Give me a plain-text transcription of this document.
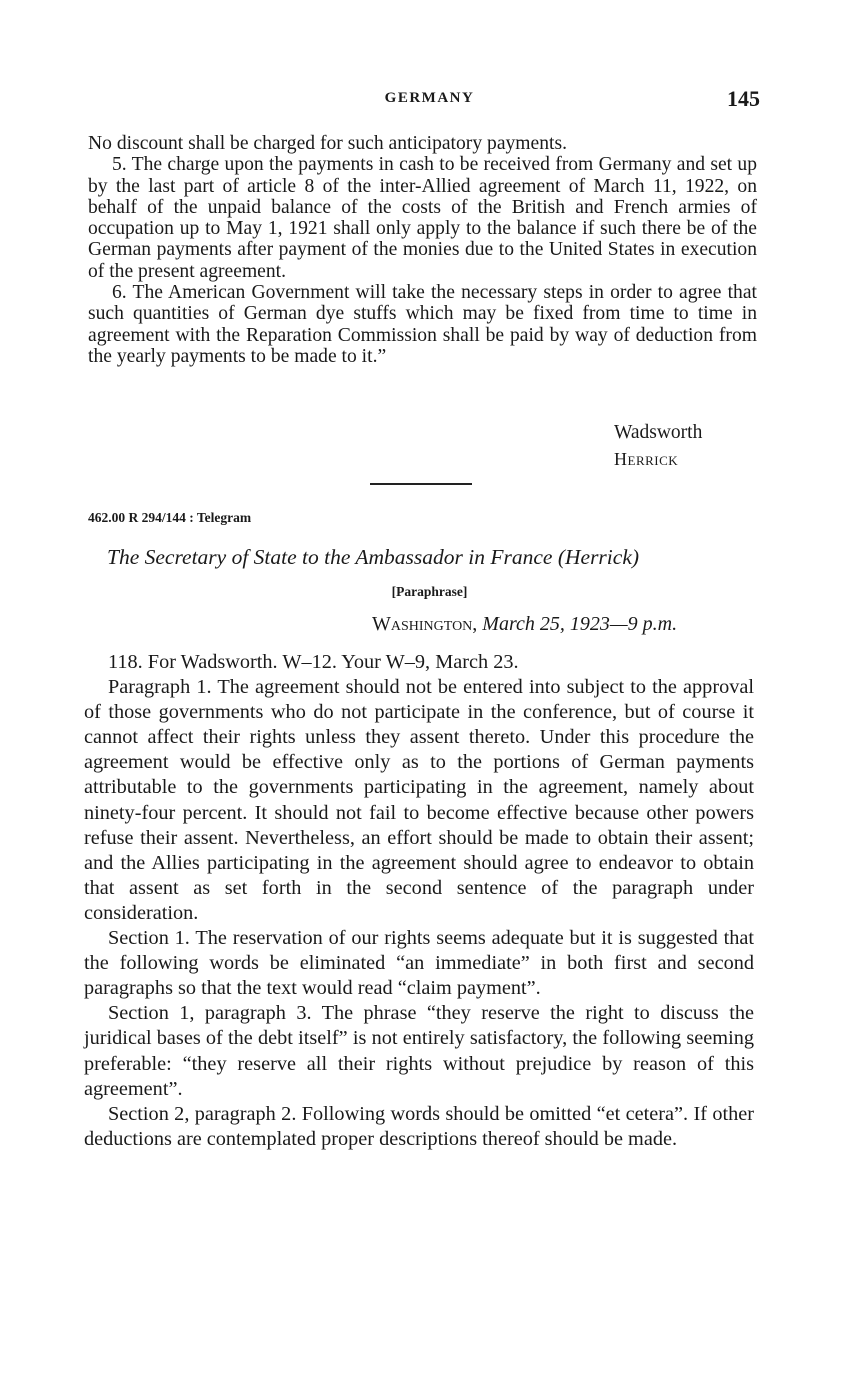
GERMANY	145

No discount shall be charged for such anticipatory payments.

5. The charge upon the payments in cash to be received from Germany and set up by the last part of article 8 of the inter-Allied agreement of March 11, 1922, on behalf of the unpaid balance of the costs of the British and French armies of occupation up to May 1, 1921 shall only apply to the balance if such there be of the German payments after payment of the monies due to the United States in execution of the present agreement.

6. The American Government will take the necessary steps in order to agree that such quantities of German dye stuffs which may be fixed from time to time in agreement with the Reparation Commission shall be paid by way of deduction from the yearly payments to be made to it.”

Wadsworth
Herrick
462.00 R 294/144 : Telegram
The Secretary of State to the Ambassador in France (Herrick)
[Paraphrase]
Washington, March 25, 1923—9 p.m.

118. For Wadsworth. W–12. Your W–9, March 23.

Paragraph 1. The agreement should not be entered into subject to the approval of those governments who do not participate in the conference, but of course it cannot affect their rights unless they assent thereto. Under this procedure the agreement would be effective only as to the portions of German payments attributable to the governments participating in the agreement, namely about ninety-four percent. It should not fail to become effective because other powers refuse their assent. Nevertheless, an effort should be made to obtain their assent; and the Allies participating in the agreement should agree to endeavor to obtain that assent as set forth in the second sentence of the paragraph under consideration.

Section 1. The reservation of our rights seems adequate but it is suggested that the following words be eliminated “an immediate” in both first and second paragraphs so that the text would read “claim payment”.

Section 1, paragraph 3. The phrase “they reserve the right to discuss the juridical bases of the debt itself” is not entirely satisfactory, the following seeming preferable: “they reserve all their rights without prejudice by reason of this agreement”.

Section 2, paragraph 2. Following words should be omitted “et cetera”. If other deductions are contemplated proper descriptions thereof should be made.
